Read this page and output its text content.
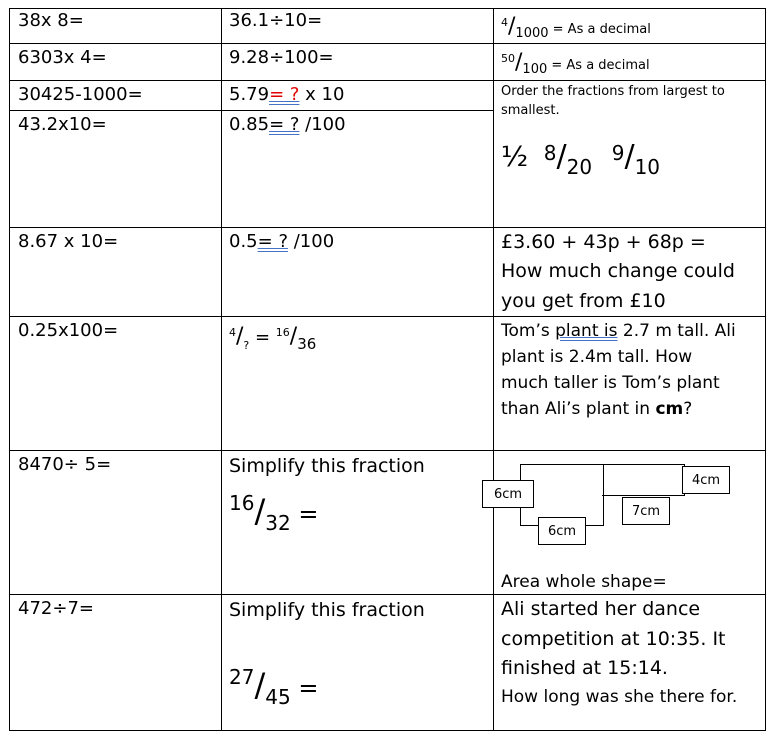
38x 8=
6303x 4=
30425-1000=
43.2x10=
8.67 x 10=
0.25x100=
8470÷ 5=
472÷7=
36.1÷10=
9.28÷100=
5.79= ? x 10
0.85= ? /100
0.5= ? /100
$^4/_? = ^{16}/_{36}$
Simplify this fraction
16/32 =
Simplify this fraction
27/45 =
$^4/_{1000} = As$ a decimal
$^{50}/_{100} = As$ a decimal
Order the fractions from largest to
smallest.
½ $^8/_{20}$ $^9/_{10}$
£3.60 + 43p + 68p =
How much change could
you get from £10
Tom’s plant is 2.7 m tall. Ali
plant is 2.4m tall. How
much taller is Tom’s plant
than Ali’s plant in cm?
6cm
6cm
7cm
4cm
Area whole shape=
Ali started her dance
competition at 10:35. It
finished at 15:14.
How long was she there for.
